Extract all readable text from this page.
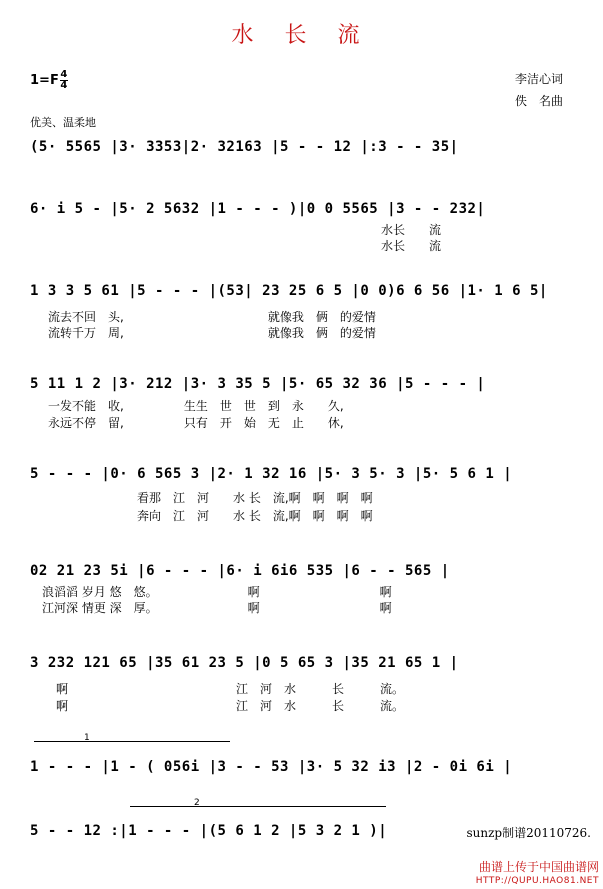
水 长 流
$1=F \frac{4}{4}$	李洁心词
佚　名曲
优美、温柔地
(5· 5565 |3· 3353|2· 32163 |5 - - 12 |:3 - - 35|
6· i 5 - |5· 2 5632 |1 - - - )|0 0 5565 |3 - - 232|
水长　　流
水长　　流
1 3 3 5 61 |5 - - - |(53| 23 25 6 5 |0 0)6 6 56 |1· 1 6 5|
流去不回　头,　　　　　　　　　　　　就像我　俩　的爱情
流转千万　周,　　　　　　　　　　　　就像我　俩　的爱情
5 11 1 2 |3· 212 |3· 3 35 5 |5· 65 32 36 |5 - - - |
一发不能　收,　　　　　生生　世　世　到　永　　久,
永远不停　留,　　　　　只有　开　始　无　止　　休,
5 - - - |0· 6 565 3 |2· 1 32 16 |5· 3 5· 3 |5· 5 6 1 |
看那　江　河　　水 长　流,啊　啊　啊　啊
奔向　江　河　　水 长　流,啊　啊　啊　啊
02 21 23 5i |6 - - - |6· i 6i6 535 |6 - - 565 |
浪滔滔 岁月 悠　悠。　　　　　　　　啊　　　　　　　　　　啊
江河深 情更 深　厚。　　　　　　　　啊　　　　　　　　　　啊
3 232 121 65 |35 61 23 5 |0 5 65 3 |35 21 65 1 |
啊　　　　　　　　　　　　　　江　河　水　　　长　　　流。
啊　　　　　　　　　　　　　　江　河　水　　　长　　　流。
1
1 - - - |1 - ( 056i |3 - - 53 |3· 5 32 i3 |2 - 0i 6i |
2
5 - - 12 :|1 - - - |(5 6 1 2 |5 3 2 1 )|	sunzp制谱20110726.
曲谱上传于中国曲谱网
HTTP://QUPU.HAO81.NET
